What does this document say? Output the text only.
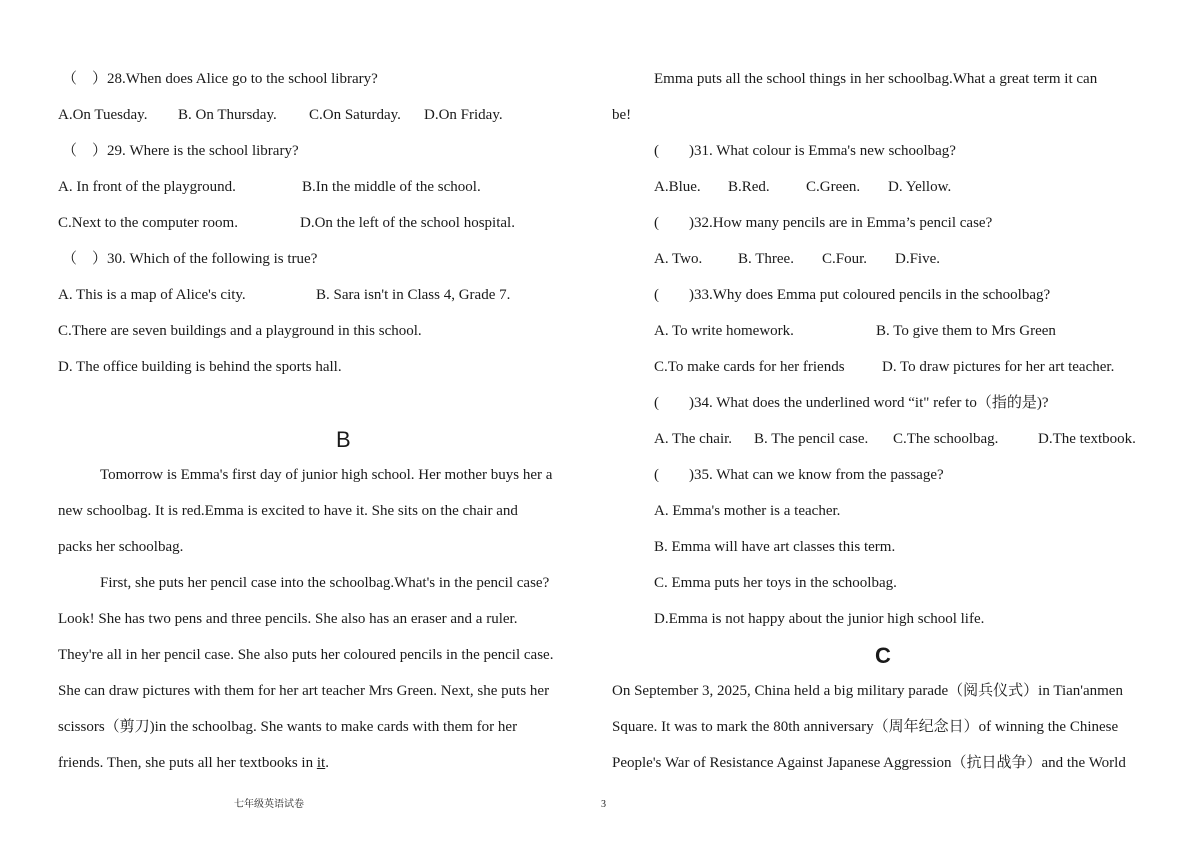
（　）28.When does Alice go to the school library?
A.On Tuesday. B. On Thursday. C.On Saturday. D.On Friday.
（　）29. Where is the school library?
A. In front of the playground.	B.In the middle of the school.
C.Next to the computer room.	D.On the left of the school hospital.
（　）30. Which of the following is true?
A. This is a map of Alice's city.	B. Sara isn't in Class 4, Grade 7.
C.There are seven buildings and a playground in this school.
D. The office building is behind the sports hall.
B
Tomorrow is Emma's first day of junior high school. Her mother buys her a
new schoolbag. It is red.Emma is excited to have it. She sits on the chair and
packs her schoolbag.
First, she puts her pencil case into the schoolbag.What's in the pencil case?
Look! She has two pens and three pencils. She also has an eraser and a ruler.
They're all in her pencil case. She also puts her coloured pencils in the pencil case.
She can draw pictures with them for her art teacher Mrs Green. Next, she puts her
scissors（剪刀)in the schoolbag. She wants to make cards with them for her
friends. Then, she puts all her textbooks in it.
Emma puts all the school things in her schoolbag.What a great term it can
be!
(　　)31. What colour is Emma's new schoolbag?
A.Blue. B.Red. C.Green. D. Yellow.
(　　)32.How many pencils are in Emma’s pencil case?
A. Two. B. Three. C.Four. D.Five.
(　　)33.Why does Emma put coloured pencils in the schoolbag?
A. To write homework.	B. To give them to Mrs Green
C.To make cards for her friends D. To draw pictures for her art teacher.
(　　)34. What does the underlined word “it" refer to（指的是)?
A. The chair. B. The pencil case. C.The schoolbag.	D.The textbook.
(　　)35. What can we know from the passage?
A. Emma's mother is a teacher.
B. Emma will have art classes this term.
C. Emma puts her toys in the schoolbag.
D.Emma is not happy about the junior high school life.
C
On September 3, 2025, China held a big military parade（阅兵仪式）in Tian'anmen
Square. It was to mark the 80th anniversary（周年纪念日）of winning the Chinese
People's War of Resistance Against Japanese Aggression（抗日战争）and the World
七年级英语试卷	3
